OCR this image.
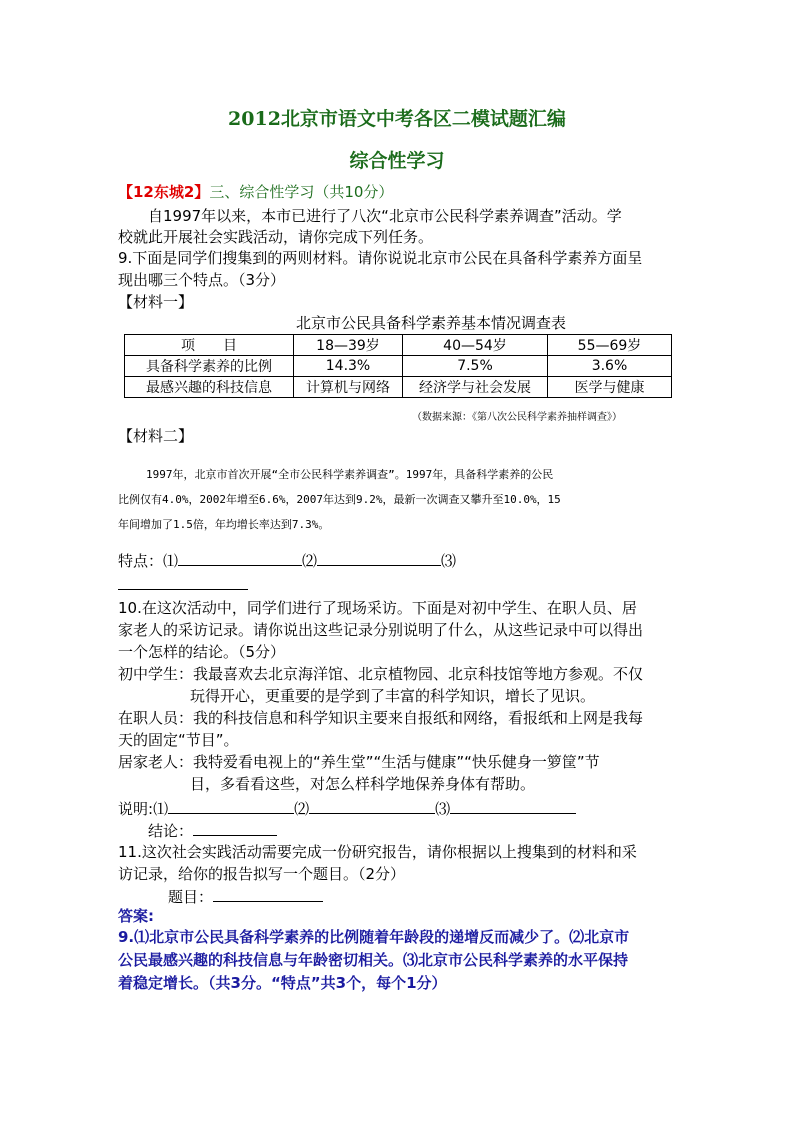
2012北京市语文中考各区二模试题汇编
综合性学习
【12东城2】三、综合性学习（共10分）
自1997年以来，本市已进行了八次“北京市公民科学素养调查”活动。学
校就此开展社会实践活动，请你完成下列任务。
9.下面是同学们搜集到的两则材料。请你说说北京市公民在具备科学素养方面呈
现出哪三个特点。（3分）
【材料一】
北京市公民具备科学素养基本情况调查表
项　　目	18—39岁	40—54岁	55—69岁
具备科学素养的比例	14.3%	7.5%	3.6%
最感兴趣的科技信息	计算机与网络	经济学与社会发展	医学与健康
（数据来源：《第八次公民科学素养抽样调查》）
【材料二】
1997年，北京市首次开展“全市公民科学素养调查”。1997年，具备科学素养的公民
比例仅有4.0%，2002年增至6.6%，2007年达到9.2%，最新一次调查又攀升至10.0%，15
年间增加了1.5倍，年均增长率达到7.3%。
特点：⑴	⑵	⑶
10.在这次活动中，同学们进行了现场采访。下面是对初中学生、在职人员、居
家老人的采访记录。请你说出这些记录分别说明了什么，从这些记录中可以得出
一个怎样的结论。（5分）
初中学生：我最喜欢去北京海洋馆、北京植物园、北京科技馆等地方参观。不仅
玩得开心，更重要的是学到了丰富的科学知识，增长了见识。
在职人员：我的科技信息和科学知识主要来自报纸和网络，看报纸和上网是我每
天的固定“节目”。
居家老人：我特爱看电视上的“养生堂”“生活与健康”“快乐健身一箩筐”节
目，多看看这些，对怎么样科学地保养身体有帮助。
说明:⑴	⑵	⑶
结论：
11.这次社会实践活动需要完成一份研究报告，请你根据以上搜集到的材料和采
访记录，给你的报告拟写一个题目。（2分）
题目：
答案:
9.⑴北京市公民具备科学素养的比例随着年龄段的递增反而减少了。⑵北京市
公民最感兴趣的科技信息与年龄密切相关。⑶北京市公民科学素养的水平保持
着稳定增长。（共3分。“特点”共3个，每个1分）
